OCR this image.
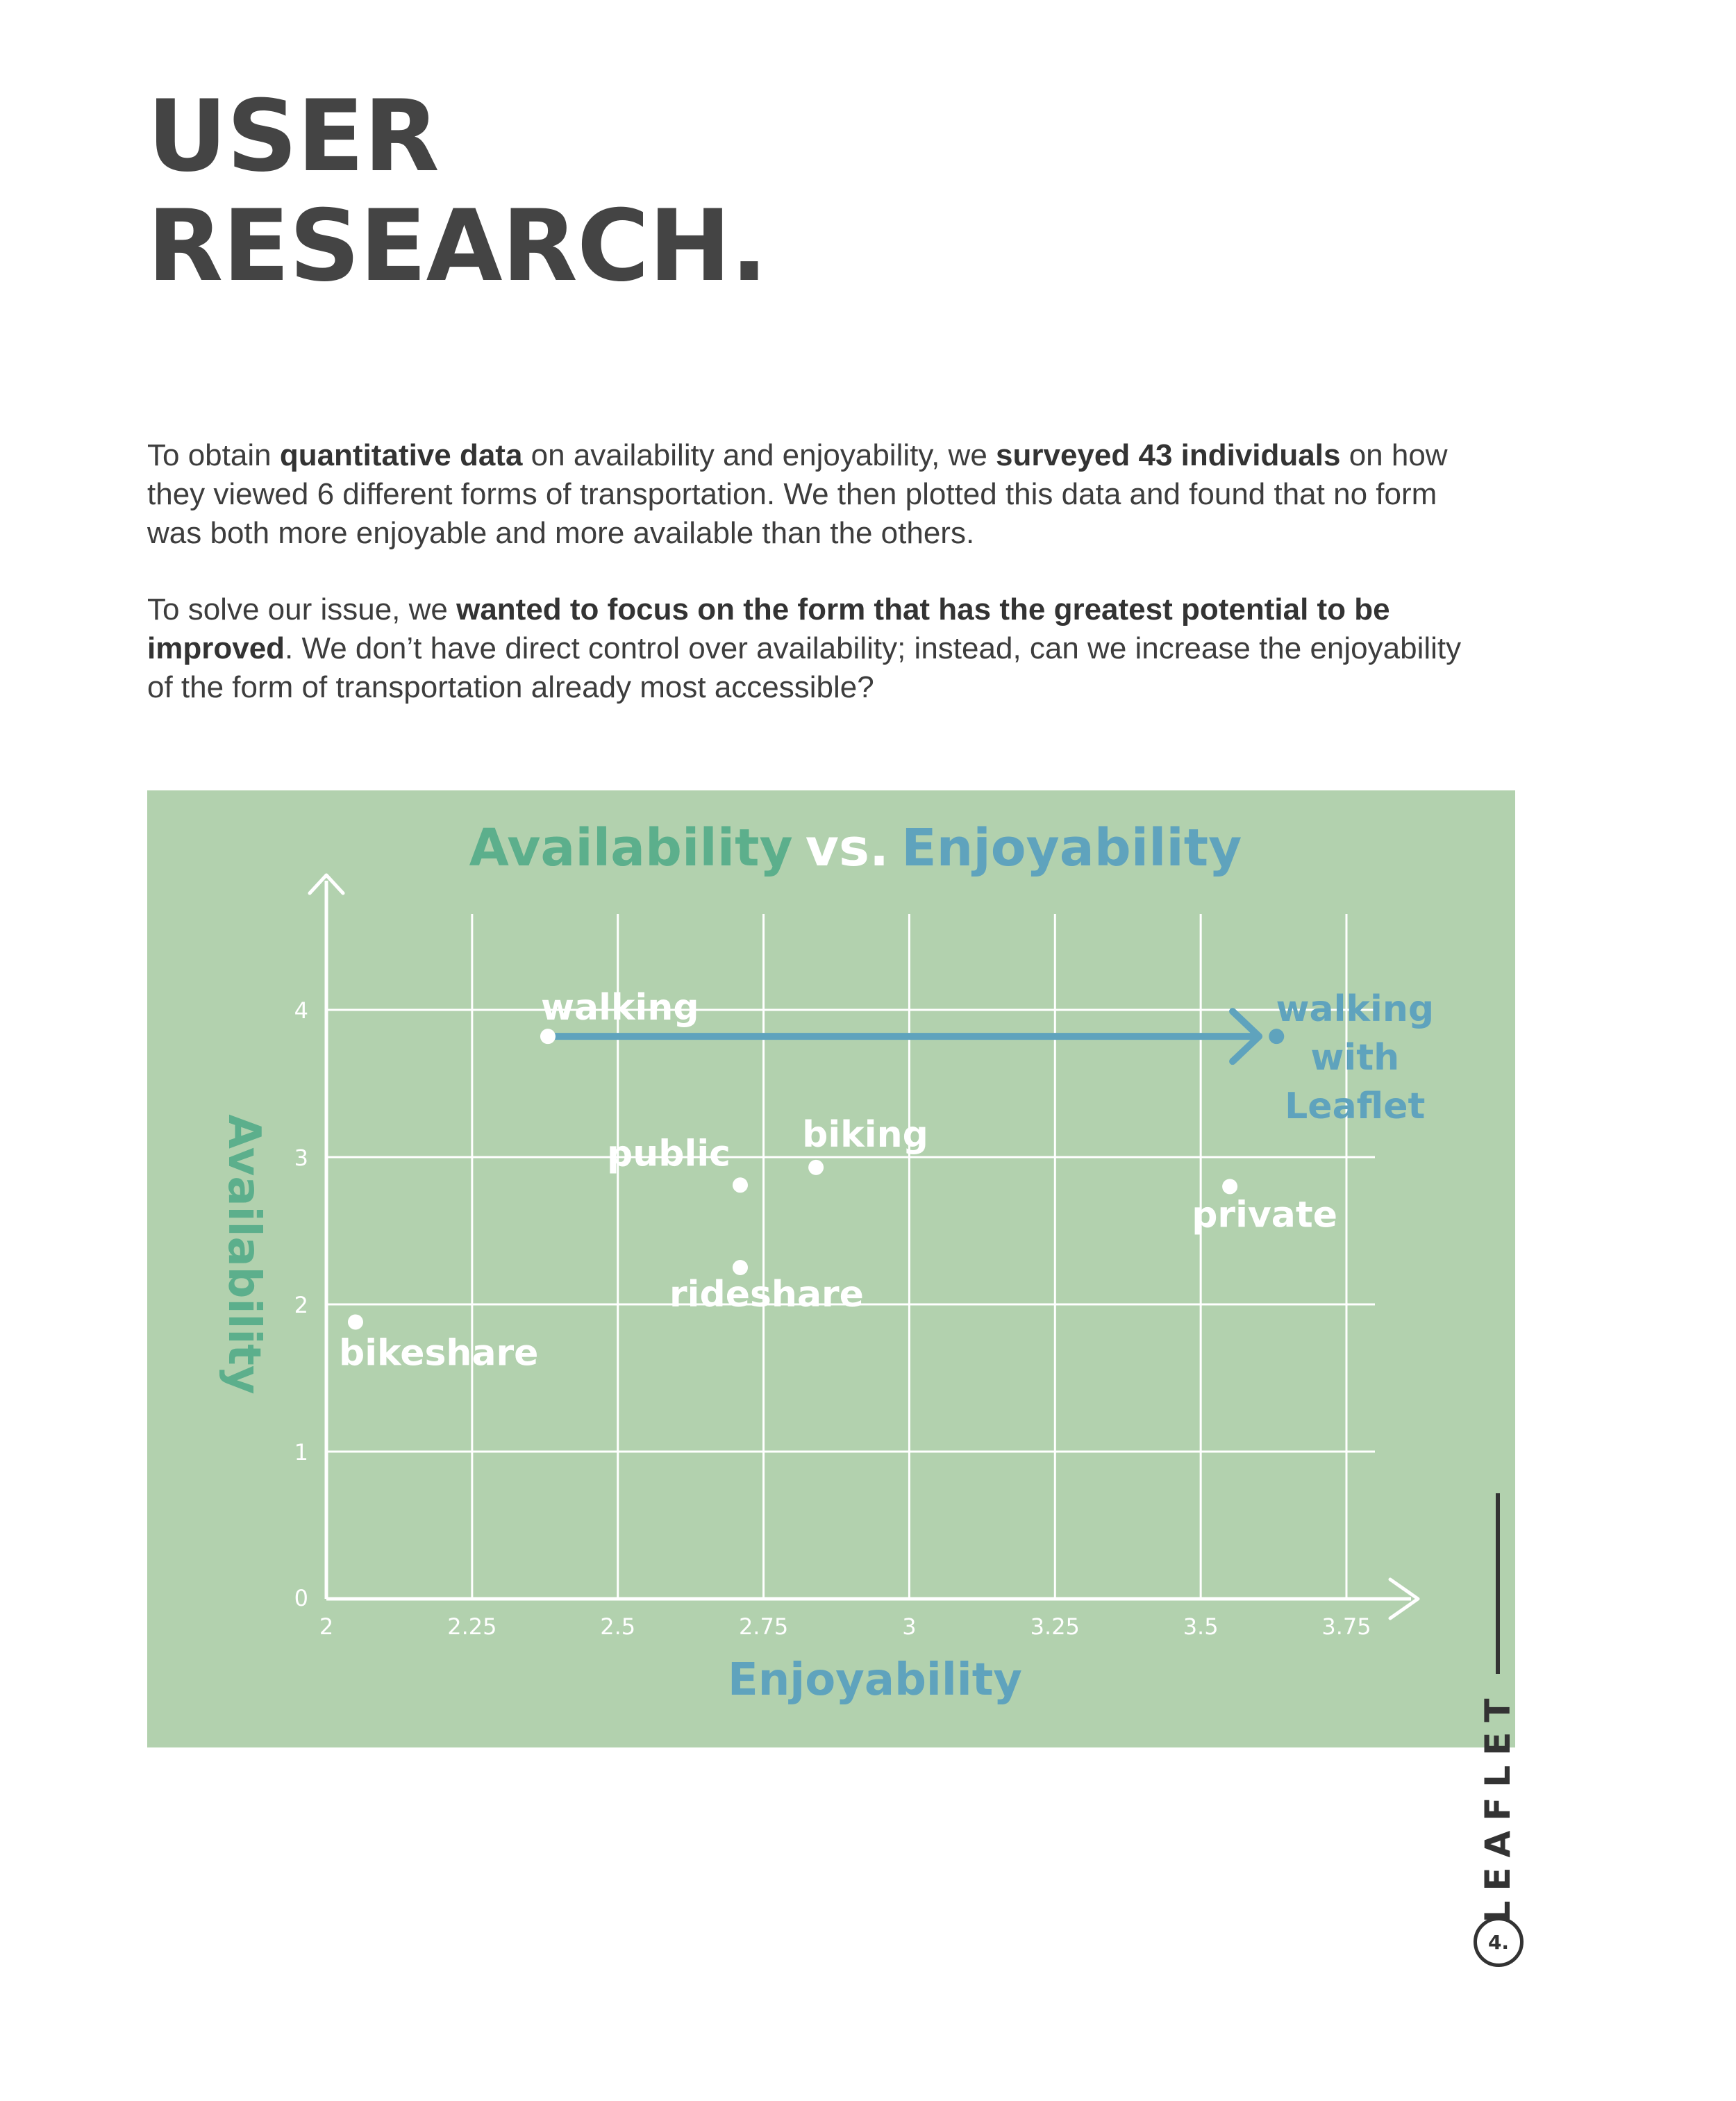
USER
RESEARCH.

To obtain quantitative data on availability and enjoyability, we surveyed 43 individuals on how they viewed 6 different forms of transportation. We then plotted this data and found that no form was both more enjoyable and more available than the others.

To solve our issue, we wanted to focus on the form that has the greatest potential to be improved. We don’t have direct control over availability; instead, can we increase the enjoyability of the form of transportation already most accessible?

Availability vs. Enjoyability
2	2.25	2.5	2.75	3	3.25	3.5	3.75
0
1
2
3
4	walking
public biking
rideshare
bikeshare
private
walking
with
Leaflet
Enjoyability
Availability
LEAFLET
4.
